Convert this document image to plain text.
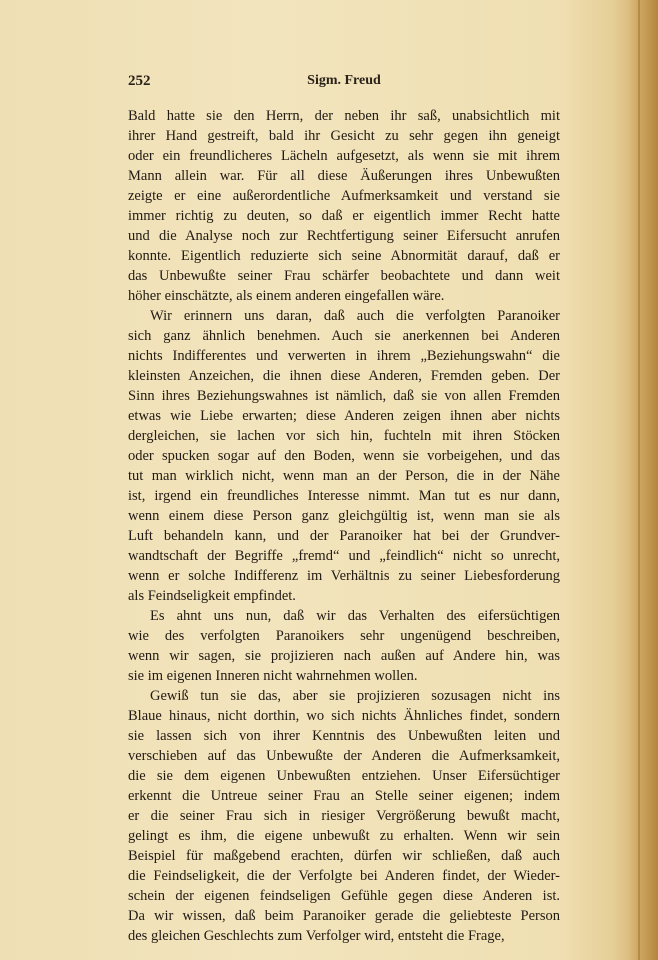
252	Sigm. Freud
Bald hatte sie den Herrn, der neben ihr saß, unabsichtlich mit
ihrer Hand gestreift, bald ihr Gesicht zu sehr gegen ihn geneigt
oder ein freundlicheres Lächeln aufgesetzt, als wenn sie mit ihrem
Mann allein war. Für all diese Äußerungen ihres Unbewußten
zeigte er eine außerordentliche Aufmerksamkeit und verstand sie
immer richtig zu deuten, so daß er eigentlich immer Recht hatte
und die Analyse noch zur Rechtfertigung seiner Eifersucht anrufen
konnte. Eigentlich reduzierte sich seine Abnormität darauf, daß er
das Unbewußte seiner Frau schärfer beobachtete und dann weit
höher einschätzte, als einem anderen eingefallen wäre.
Wir erinnern uns daran, daß auch die verfolgten Paranoiker
sich ganz ähnlich benehmen. Auch sie anerkennen bei Anderen
nichts Indifferentes und verwerten in ihrem „Beziehungswahn“ die
kleinsten Anzeichen, die ihnen diese Anderen, Fremden geben. Der
Sinn ihres Beziehungswahnes ist nämlich, daß sie von allen Fremden
etwas wie Liebe erwarten; diese Anderen zeigen ihnen aber nichts
dergleichen, sie lachen vor sich hin, fuchteln mit ihren Stöcken
oder spucken sogar auf den Boden, wenn sie vorbeigehen, und das
tut man wirklich nicht, wenn man an der Person, die in der Nähe
ist, irgend ein freundliches Interesse nimmt. Man tut es nur dann,
wenn einem diese Person ganz gleichgültig ist, wenn man sie als
Luft behandeln kann, und der Paranoiker hat bei der Grundver-
wandtschaft der Begriffe „fremd“ und „feindlich“ nicht so unrecht,
wenn er solche Indifferenz im Verhältnis zu seiner Liebesforderung
als Feindseligkeit empfindet.
Es ahnt uns nun, daß wir das Verhalten des eifersüchtigen
wie des verfolgten Paranoikers sehr ungenügend beschreiben,
wenn wir sagen, sie projizieren nach außen auf Andere hin, was
sie im eigenen Inneren nicht wahrnehmen wollen.
Gewiß tun sie das, aber sie projizieren sozusagen nicht ins
Blaue hinaus, nicht dorthin, wo sich nichts Ähnliches findet, sondern
sie lassen sich von ihrer Kenntnis des Unbewußten leiten und
verschieben auf das Unbewußte der Anderen die Aufmerksamkeit,
die sie dem eigenen Unbewußten entziehen. Unser Eifersüchtiger
erkennt die Untreue seiner Frau an Stelle seiner eigenen; indem
er die seiner Frau sich in riesiger Vergrößerung bewußt macht,
gelingt es ihm, die eigene unbewußt zu erhalten. Wenn wir sein
Beispiel für maßgebend erachten, dürfen wir schließen, daß auch
die Feindseligkeit, die der Verfolgte bei Anderen findet, der Wieder-
schein der eigenen feindseligen Gefühle gegen diese Anderen ist.
Da wir wissen, daß beim Paranoiker gerade die geliebteste Person
des gleichen Geschlechts zum Verfolger wird, entsteht die Frage,
